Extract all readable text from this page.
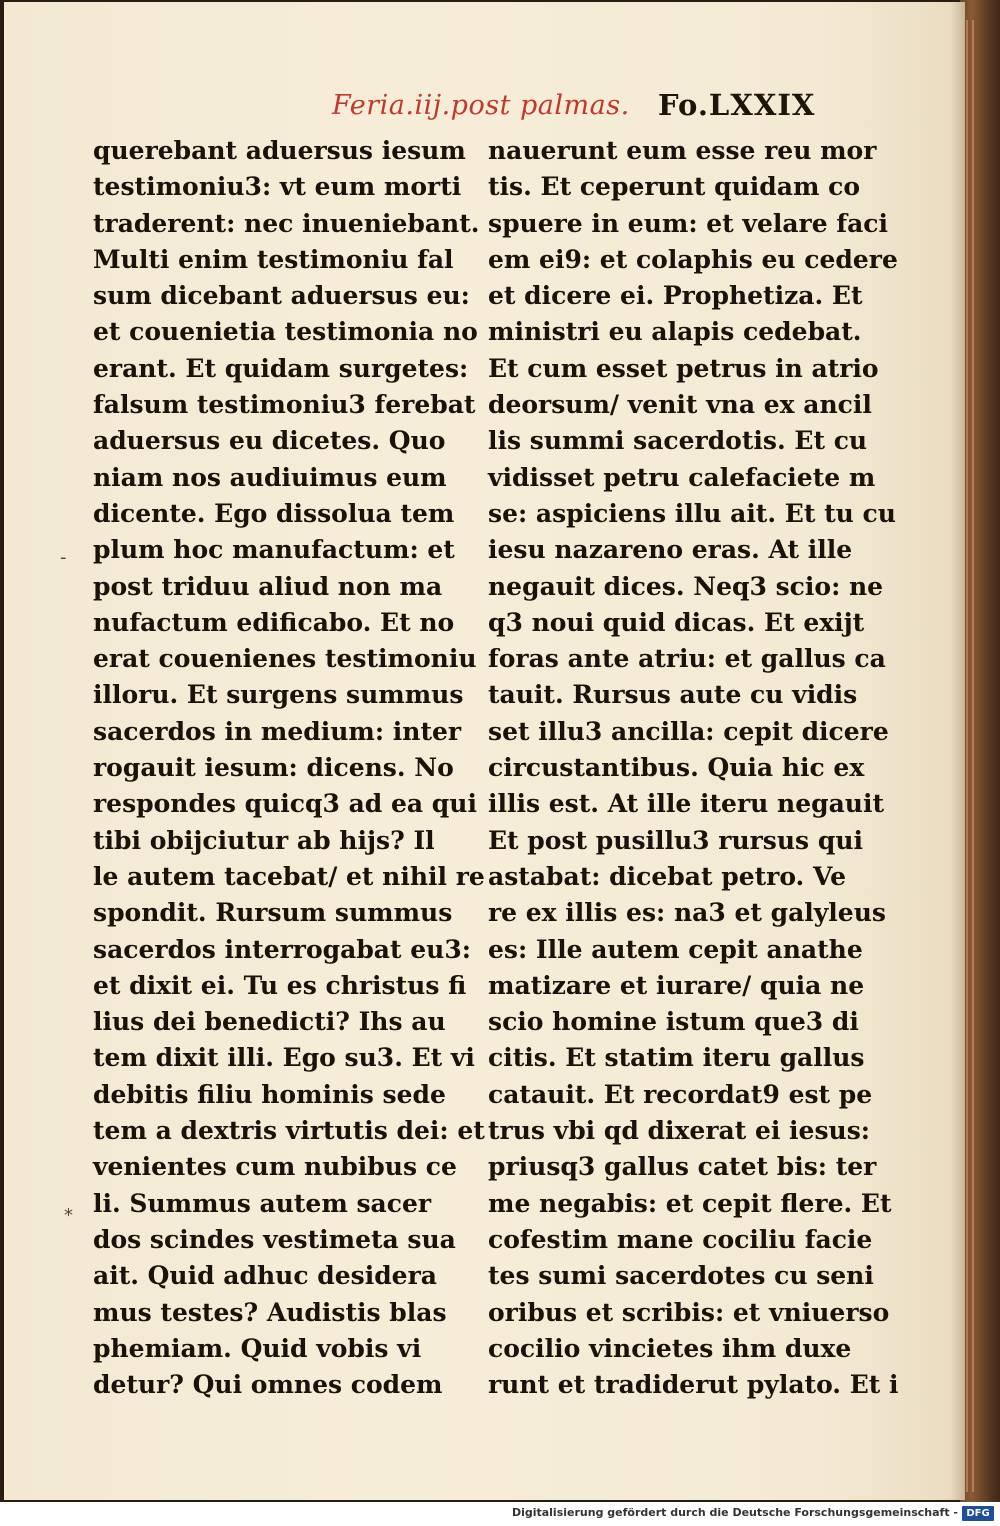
Feria.iij.post palmas. Fo.LXXIX
-
*
querebant aduersus iesum
testimoniu3: vt eum morti
traderent: nec inueniebant.
Multi enim testimoniu fal
sum dicebant aduersus eu:
et couenietia testimonia no
erant. Et quidam surgetes:
falsum testimoniu3 ferebat
aduersus eu dicetes. Quo
niam nos audiuimus eum
dicente. Ego dissolua tem
plum hoc manufactum: et
post triduu aliud non ma
nufactum edificabo. Et no
erat couenienes testimoniu
illoru. Et surgens summus
sacerdos in medium: inter
rogauit iesum: dicens. No
respondes quicq3 ad ea qui
tibi obijciutur ab hijs? Il
le autem tacebat/ et nihil re
spondit. Rursum summus
sacerdos interrogabat eu3:
et dixit ei. Tu es christus fi
lius dei benedicti? Ihs au
tem dixit illi. Ego su3. Et vi
debitis filiu hominis sede
tem a dextris virtutis dei: et
venientes cum nubibus ce
li. Summus autem sacer
dos scindes vestimeta sua
ait. Quid adhuc desidera
mus testes? Audistis blas
phemiam. Quid vobis vi
detur? Qui omnes codem
nauerunt eum esse reu mor
tis. Et ceperunt quidam co
spuere in eum: et velare faci
em ei9: et colaphis eu cedere
et dicere ei. Prophetiza. Et
ministri eu alapis cedebat.
Et cum esset petrus in atrio
deorsum/ venit vna ex ancil
lis summi sacerdotis. Et cu
vidisset petru calefaciete m
se: aspiciens illu ait. Et tu cu
iesu nazareno eras. At ille
negauit dices. Neq3 scio: ne
q3 noui quid dicas. Et exijt
foras ante atriu: et gallus ca
tauit. Rursus aute cu vidis
set illu3 ancilla: cepit dicere
circustantibus. Quia hic ex
illis est. At ille iteru negauit
Et post pusillu3 rursus qui
astabat: dicebat petro. Ve
re ex illis es: na3 et galyleus
es: Ille autem cepit anathe
matizare et iurare/ quia ne
scio homine istum que3 di
citis. Et statim iteru gallus
catauit. Et recordat9 est pe
trus vbi qd dixerat ei iesus:
priusq3 gallus catet bis: ter
me negabis: et cepit flere. Et
cofestim mane cociliu facie
tes sumi sacerdotes cu seni
oribus et scribis: et vniuerso
cocilio vincietes ihm duxe
runt et tradiderut pylato. Et i
Digitalisierung gefördert durch die Deutsche Forschungsgemeinschaft - DFG
